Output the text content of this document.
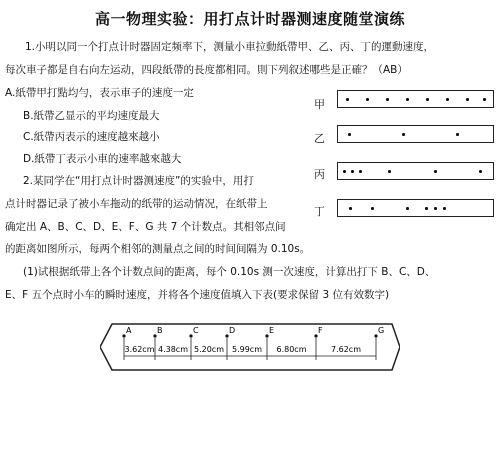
高一物理实验：用打点计时器测速度随堂演练
1.小明以同一个打点计时器固定频率下，测量小車拉動紙帶甲、乙、丙、丁的運動速度，
每次車子都是自右向左运动，四段紙帶的長度都相同。則下列叙述哪些是正確？（AB）
A.紙帶甲打點均勻，表示車子的速度一定
B.紙帶乙显示的平均速度最大
C.紙帶丙表示的速度越來越小
D.紙帶丁表示小車的速率越來越大
甲
乙
丙
丁
2.某同学在“用打点计时器测速度”的实验中，用打
点计时器记录了被小车拖动的纸带的运动情况，在纸带上
确定出 A、B、C、D、E、F、G 共 7 个计数点。其相邻点间
的距离如图所示，每两个相邻的测量点之间的时间间隔为 0.10s。
(1)试根据纸带上各个计数点间的距离，每个 0.10s 测一次速度，计算出打下 B、C、D、
E、F 五个点时小车的瞬时速度，并将各个速度值填入下表(要求保留 3 位有效数字)
A	B	C	D	E	F	G
3.62cm 4.38cm 5.20cm 5.99cm 6.80cm	7.62cm
